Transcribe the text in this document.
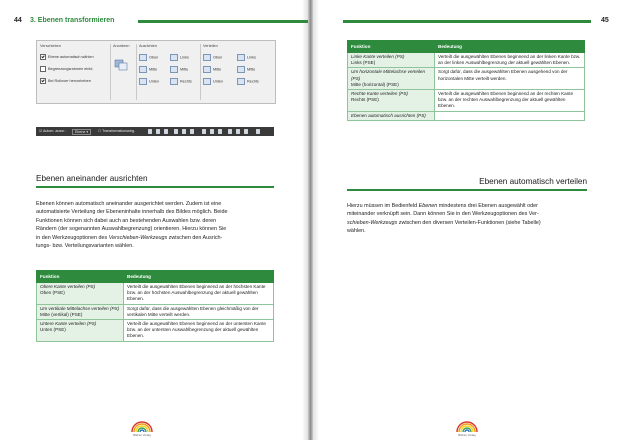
44 3. Ebenen transformieren
Verschieben	Anordnen	Ausrichten	Verteilen
Ebene automatisch wählen
Begrenzungsrahmen einbl.
Bei Rollover hervorheben
Oben	Links
Mitte	Mitte
Unten	Rechts
Oben	Links
Mitte	Mitte
Unten	Rechts
☑ Autom. ausw.:	Ebene ▾	☐ Transformationsstrg.
Ebenen aneinander ausrichten
Ebenen können automatisch aneinander ausgerichtet werden. Zudem ist eine
automatisierte Verteilung der Ebeneninhalte innerhalb des Bildes möglich. Beide
Funktionen können sich dabei auch an bestehenden Auswahlen bzw. deren
Rändern (der sogenannten Auswahlbegrenzung) orientieren. Hierzu können Sie
in den Werkzeugoptionen des Verschieben-Werkzeugs zwischen den Ausrich-
tungs- bzw. Verteilungsvarianten wählen.
Funktion	Bedeutung

Obere Kante verteilen (PS)
Oben (PSE)	Verteilt die ausgewählten Ebenen beginnend an der höchsten Kante bzw. an der höchsten Auswahlbegrenzung der aktuell gewählten Ebenen.

Um vertikale Mittelachse verteilen (PS)
Mitte (vertikal) (PSE)	Sorgt dafür, dass die ausgewählten Ebenen gleichmäßig von der vertikalen Mitte verteilt werden.

Untere Kante verteilen (PS)
Unten (PSE)	Verteilt die ausgewählten Ebenen beginnend an der untersten Kante bzw. an der untersten Auswahlbegrenzung der aktuell gewählten Ebenen.
Bildner Verlag
45
Funktion	Bedeutung

Linke Kante verteilen (PS)
Links (PSE)	Verteilt die ausgewählten Ebenen beginnend an der linken Kante bzw. an der linken Auswahlbegrenzung der aktuell gewählten Ebenen.

Um horizontale Mittelachse verteilen (PS)
Mitte (horizontal) (PSE)	Sorgt dafür, dass die ausgewählten Ebenen ausgehend von der horizontalen Mitte verteilt werden.

Rechte Kante verteilen (PS)
Rechts (PSE)	Verteilt die ausgewählten Ebenen beginnend an der rechten Kante bzw. an der rechten Auswahlbegrenzung der aktuell gewählten Ebenen.

Ebenen automatisch ausrichten (PS)	

Ebenen automatisch verteilen
Hierzu müssen im Bedienfeld Ebenen mindestens drei Ebenen ausgewählt oder
miteinander verknüpft sein. Dann können Sie in den Werkzeugoptionen des Ver-
schieben-Werkzeugs zwischen den diversen Verteilen-Funktionen (siehe Tabelle)
wählen.
Bildner Verlag
